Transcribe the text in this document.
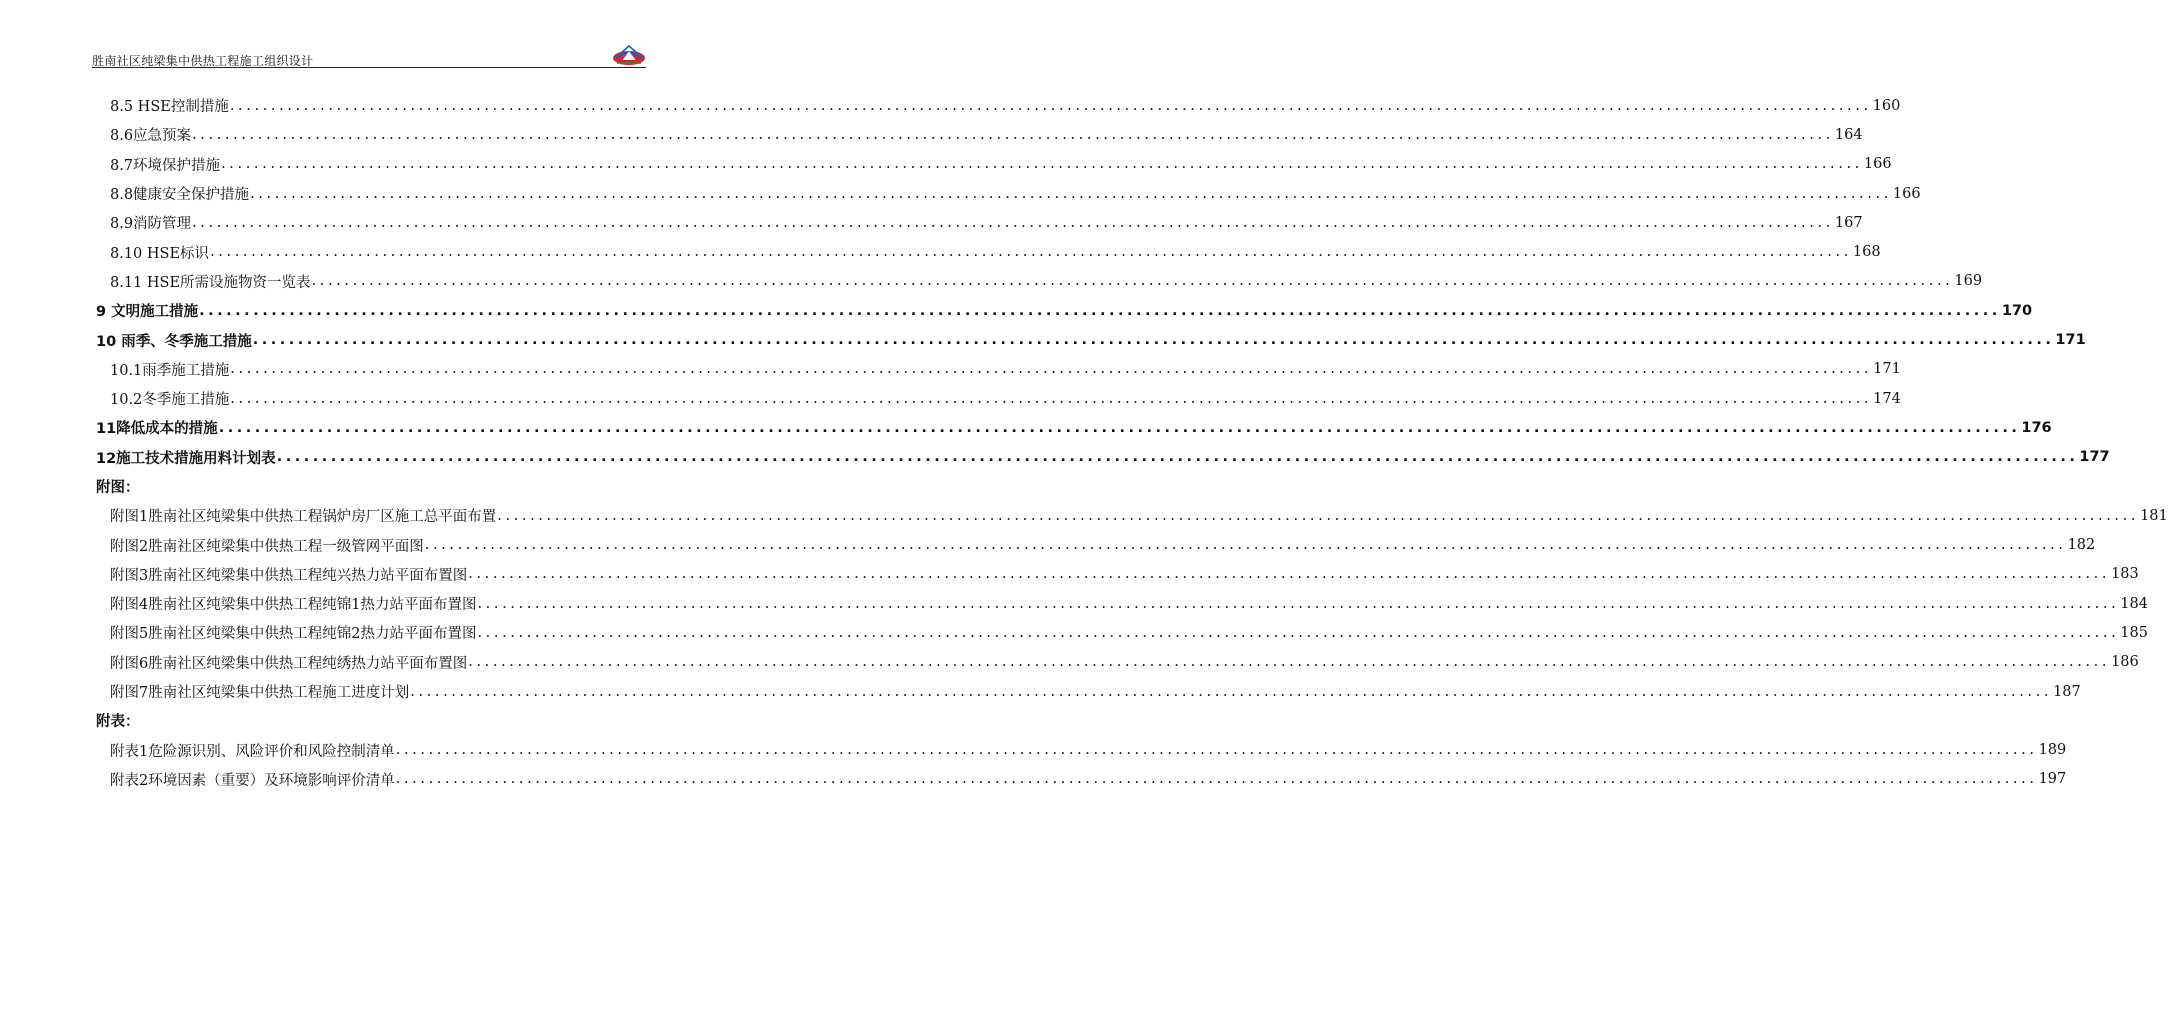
胜南社区纯梁集中供热工程施工组织设计
8.5 HSE控制措施 ........................................................................................................................................................................................................ 160
8.6应急预案 ........................................................................................................................................................................................................ 164
8.7环境保护措施 ........................................................................................................................................................................................................ 166
8.8健康安全保护措施 ........................................................................................................................................................................................................ 166
8.9消防管理 ........................................................................................................................................................................................................ 167
8.10 HSE标识 ........................................................................................................................................................................................................ 168
8.11 HSE所需设施物资一览表 ........................................................................................................................................................................................................ 169
9 文明施工措施 ........................................................................................................................................................................................................ 170
10 雨季、冬季施工措施 ........................................................................................................................................................................................................ 171
10.1雨季施工措施 ........................................................................................................................................................................................................ 171
10.2冬季施工措施 ........................................................................................................................................................................................................ 174
11降低成本的措施 ........................................................................................................................................................................................................ 176
12施工技术措施用料计划表 ........................................................................................................................................................................................................ 177
附图：
附图1胜南社区纯梁集中供热工程锅炉房厂区施工总平面布置 ........................................................................................................................................................................................................ 181
附图2胜南社区纯梁集中供热工程一级管网平面图 ........................................................................................................................................................................................................ 182
附图3胜南社区纯梁集中供热工程纯兴热力站平面布置图 ........................................................................................................................................................................................................ 183
附图4胜南社区纯梁集中供热工程纯锦1热力站平面布置图 ........................................................................................................................................................................................................ 184
附图5胜南社区纯梁集中供热工程纯锦2热力站平面布置图 ........................................................................................................................................................................................................ 185
附图6胜南社区纯梁集中供热工程纯绣热力站平面布置图 ........................................................................................................................................................................................................ 186
附图7胜南社区纯梁集中供热工程施工进度计划 ........................................................................................................................................................................................................ 187
附表：
附表1危险源识别、风险评价和风险控制清单 ........................................................................................................................................................................................................ 189
附表2环境因素（重要）及环境影响评价清单 ........................................................................................................................................................................................................ 197
